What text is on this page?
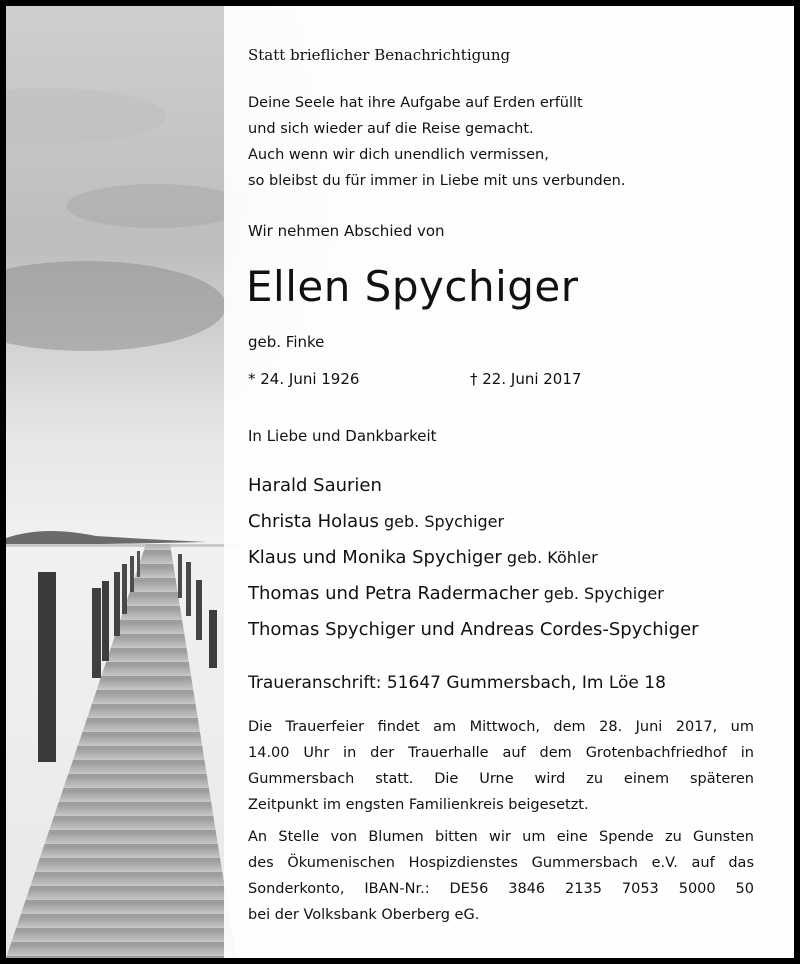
Statt brieflicher Benachrichtigung

Deine Seele hat ihre Aufgabe auf Erden erfüllt
und sich wieder auf die Reise gemacht.
Auch wenn wir dich unendlich vermissen,
so bleibst du für immer in Liebe mit uns verbunden.

Wir nehmen Abschied von

Ellen Spychiger

geb. Finke

* 24. Juni 1926	† 22. Juni 2017

In Liebe und Dankbarkeit

Harald Saurien
Christa Holaus geb. Spychiger
Klaus und Monika Spychiger geb. Köhler
Thomas und Petra Radermacher geb. Spychiger
Thomas Spychiger und Andreas Cordes-Spychiger

Traueranschrift: 51647 Gummersbach, Im Löe 18

Die Trauerfeier findet am Mittwoch, dem 28. Juni 2017, um
14.00 Uhr in der Trauerhalle auf dem Grotenbachfriedhof in
Gummersbach statt. Die Urne wird zu einem späteren
Zeitpunkt im engsten Familienkreis beigesetzt.
An Stelle von Blumen bitten wir um eine Spende zu Gunsten
des Ökumenischen Hospizdienstes Gummersbach e.V. auf das
Sonderkonto, IBAN-Nr.: DE56 3846 2135 7053 5000 50
bei der Volksbank Oberberg eG.
